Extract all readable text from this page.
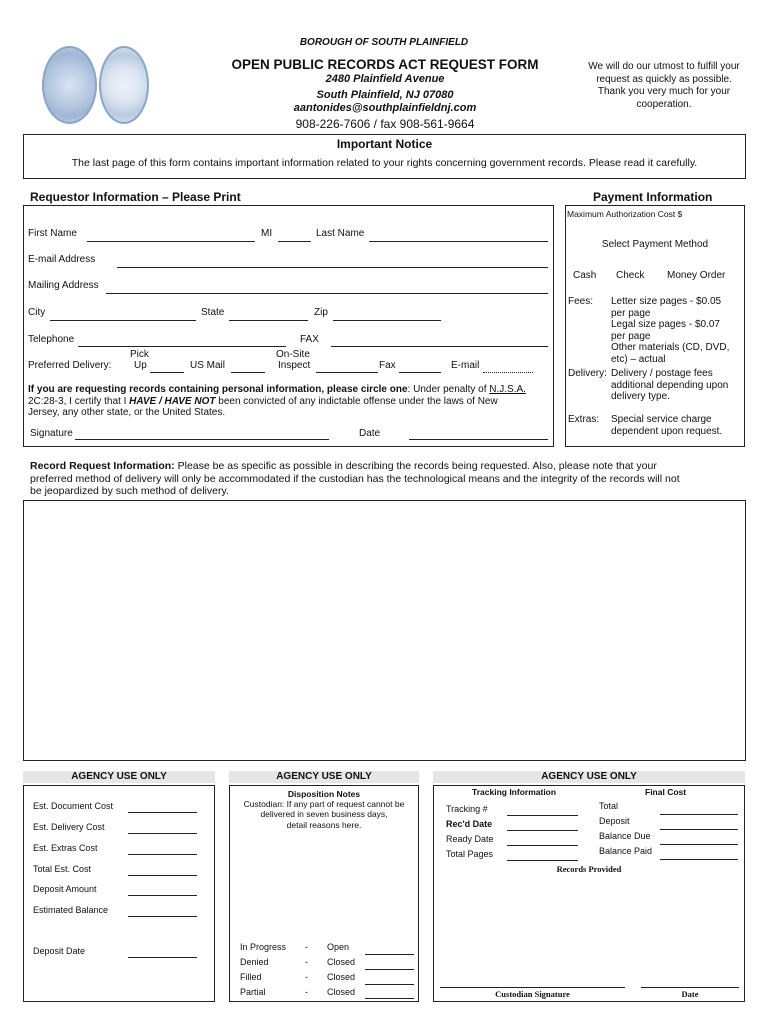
BOROUGH OF SOUTH PLAINFIELD
OPEN PUBLIC RECORDS ACT REQUEST FORM
2480 Plainfield Avenue
South Plainfield, NJ 07080
aantonides@southplainfieldnj.com
908-226-7606 / fax 908-561-9664
We will do our utmost to fulfill your request as quickly as possible. Thank you very much for your cooperation.
Important Notice
The last page of this form contains important information related to your rights concerning government records. Please read it carefully.
Requestor Information – Please Print
First Name	MI	Last Name
E-mail Address
Mailing Address
City	State	Zip
Telephone	FAX
Preferred Delivery:
Pick
Up	US Mail
On-Site
Inspect	Fax	E-mail
If you are requesting records containing personal information, please circle one: Under penalty of N.J.S.A.
2C:28-3, I certify that I HAVE / HAVE NOT been convicted of any indictable offense under the laws of New
Jersey, any other state, or the United States.
Signature	Date
Payment Information
Maximum Authorization Cost $
Select Payment Method
Cash Check Money Order
Fees: Letter size pages - $0.05
per page
Legal size pages - $0.07
per page
Other materials (CD, DVD,
etc) – actual
Delivery: Delivery / postage fees
additional depending upon
delivery type.
Extras: Special service charge
dependent upon request.
Record Request Information: Please be as specific as possible in describing the records being requested. Also, please note that your
preferred method of delivery will only be accommodated if the custodian has the technological means and the integrity of the records will not
be jeopardized by such method of delivery.
AGENCY USE ONLY	AGENCY USE ONLY	AGENCY USE ONLY
Est. Document Cost
Est. Delivery Cost
Est. Extras Cost
Total Est. Cost
Deposit Amount
Estimated Balance
Deposit Date
Disposition Notes
Custodian: If any part of request cannot be
delivered in seven business days,
detail reasons here.
In Progress - Open
Denied	- Closed
Filled	- Closed
Partial	- Closed
Tracking Information	Final Cost
Tracking #
Rec'd Date
Ready Date
Total Pages
Total
Deposit
Balance Due
Balance Paid
Records Provided
Custodian Signature	Date
